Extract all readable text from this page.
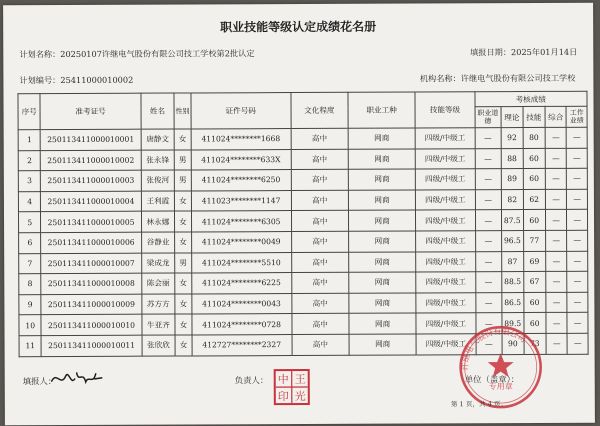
职业技能等级认定成绩花名册
计划名称：20250107许继电气股份有限公司技工学校第2批认定	填报日期：2025年01月14日
计划编号：25411000010002	机构名称：许继电气股份有限公司技工学校
序号	准考证号	姓名	性别	证件号码	文化程度	职业工种	技能等级	考核成绩				
								职业道德	理论	技能	综合	工作业绩
1	250113411000010001	唐静文	女	411024********1668	高中	网商	四级/中级工	—	92	80	—	—
2	250113411000010002	张永锋	男	411024********633X	高中	网商	四级/中级工	—	88	60	—	—
3	250113411000010003	张俊河	男	411024********6250	高中	网商	四级/中级工	—	89	60	—	—
4	250113411000010004	王利霞	女	411023********1147	高中	网商	四级/中级工	—	82	62	—	—
5	250113411000010005	林永娜	女	411024********6305	高中	网商	四级/中级工	—	87.5	60	—	—
6	250113411000010006	谷静业	女	411024********0049	高中	网商	四级/中级工	—	96.5	77	—	—
7	250113411000010007	梁成龙	男	411024********5510	高中	网商	四级/中级工	—	87	69	—	—
8	250113411000010008	陈会丽	女	411024********6225	高中	网商	四级/中级工	—	88.5	67	—	—
9	250113411000010009	苏方方	女	411024********0043	高中	网商	四级/中级工	—	86.5	60	—	—
10	250113411000010010	牛亚齐	女	411024********0728	高中	网商	四级/中级工	—	89.5	60	—	—
11	250113411000010011	张欣欣	女	412727********2327	高中	网商	四级/中级工	—	90	73	—	—
填报人：	负责人： 王
中
光
印
单位（盖章）：
专用章
许继电气股份有限公司
第 1 页，共 4 页。
